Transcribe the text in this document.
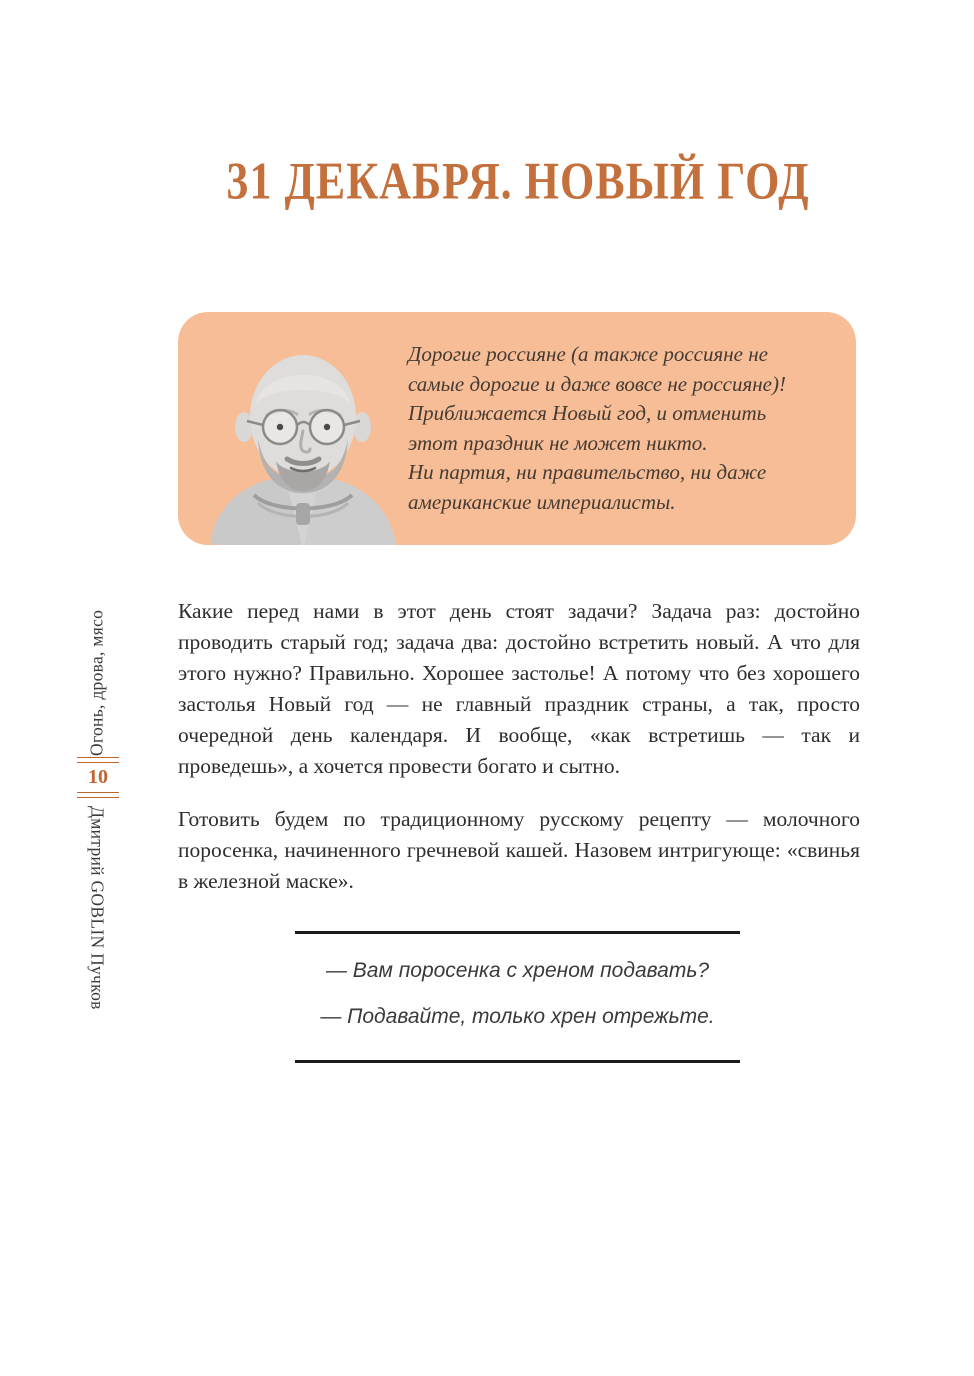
31 ДЕКАБРЯ. НОВЫЙ ГОД
Дорогие россияне (а также россияне не
самые дорогие и даже вовсе не россияне)!
Приближается Новый год, и отменить
этот праздник не может никто.
Ни партия, ни правительство, ни даже
американские империалисты.

Какие перед нами в этот день стоят задачи? Задача раз: достойно проводить старый год; задача два: достойно встретить новый. А что для этого нужно? Правильно. Хорошее застолье! А потому что без хорошего застолья Новый год — не главный праздник страны, а так, просто очередной день календаря. И вообще, «как встретишь — так и проведешь», а хочется провести богато и сытно.

Готовить будем по традиционному русскому рецепту — молочного поросенка, начиненного гречневой кашей. Назовем интригующе: «свинья в железной маске».

— Вам поросенка с хреном подавать?
— Подавайте, только хрен отрежьте.
Огонь, дрова, мясо
10
Дмитрий GOBLIN Пучков
